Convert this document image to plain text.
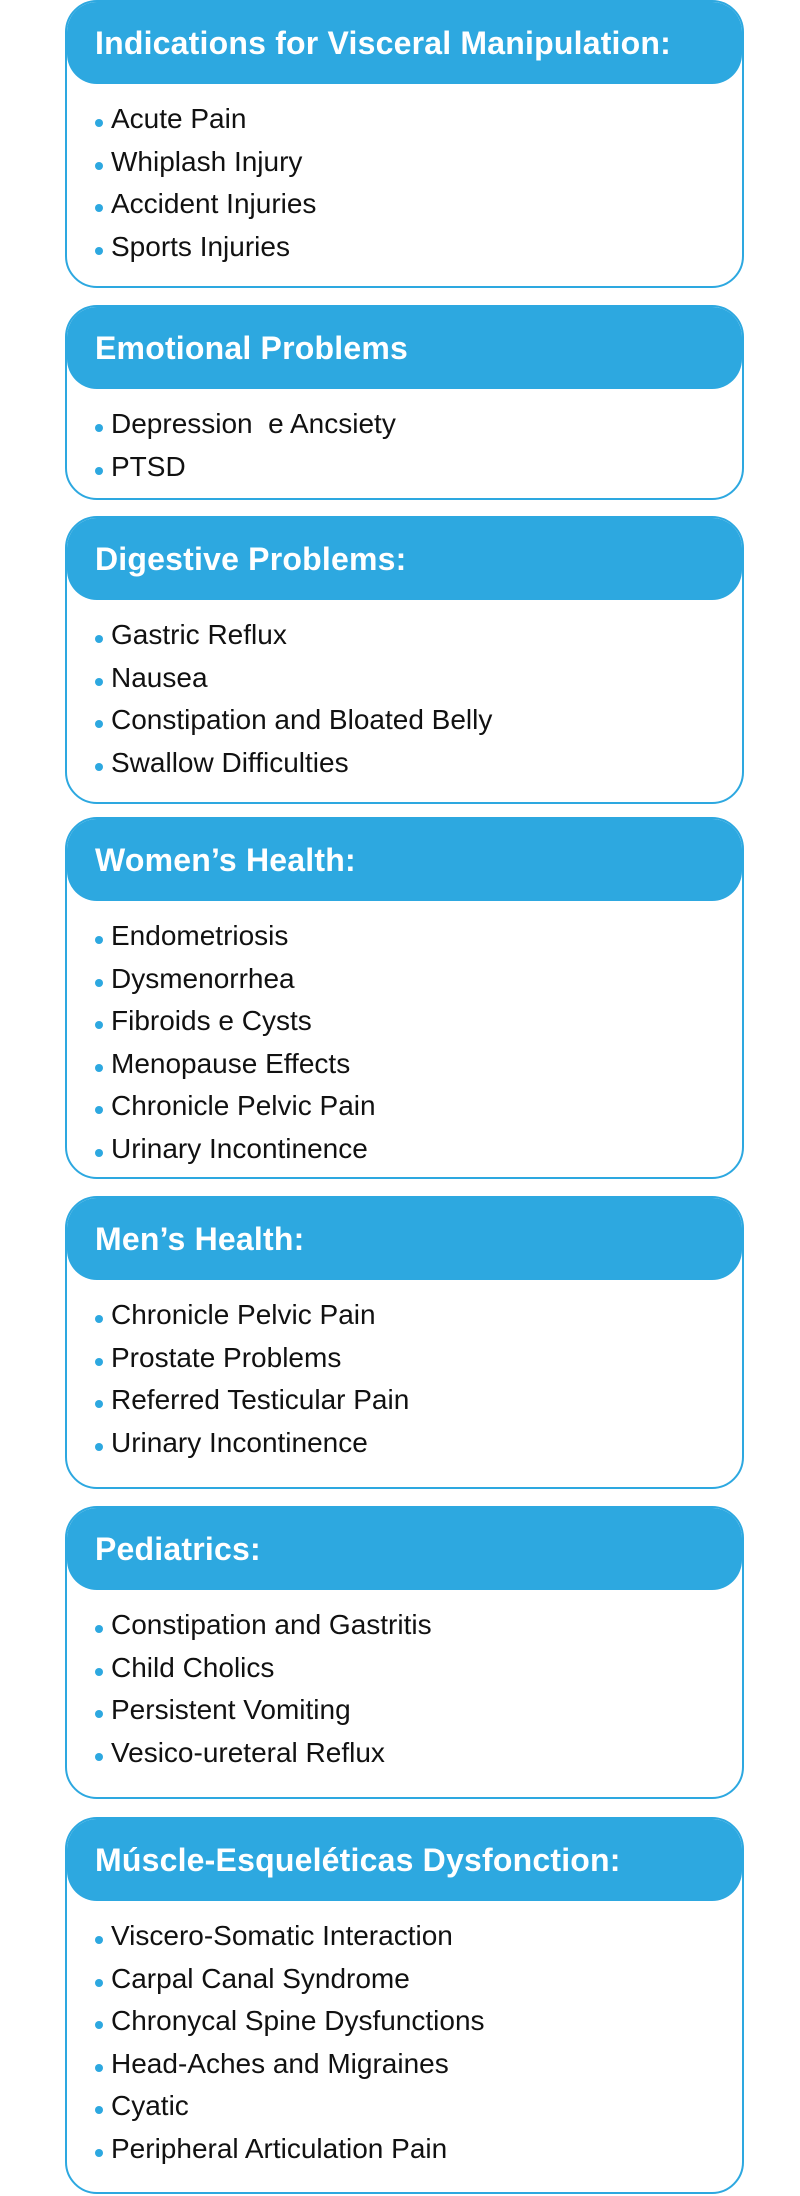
Indications for Visceral Manipulation:
Acute Pain
Whiplash Injury
Accident Injuries
Sports Injuries
Emotional Problems
Depression  e Ancsiety
PTSD
Digestive Problems:
Gastric Reflux
Nausea
Constipation and Bloated Belly
Swallow Difficulties
Women’s Health:
Endometriosis
Dysmenorrhea
Fibroids e Cysts
Menopause Effects
Chronicle Pelvic Pain
Urinary Incontinence
Men’s Health:
Chronicle Pelvic Pain
Prostate Problems
Referred Testicular Pain
Urinary Incontinence
Pediatrics:
Constipation and Gastritis
Child Cholics
Persistent Vomiting
Vesico-ureteral Reflux
Múscle-Esqueléticas Dysfonction:
Viscero-Somatic Interaction
Carpal Canal Syndrome
Chronycal Spine Dysfunctions
Head-Aches and Migraines
Cyatic
Peripheral Articulation Pain
